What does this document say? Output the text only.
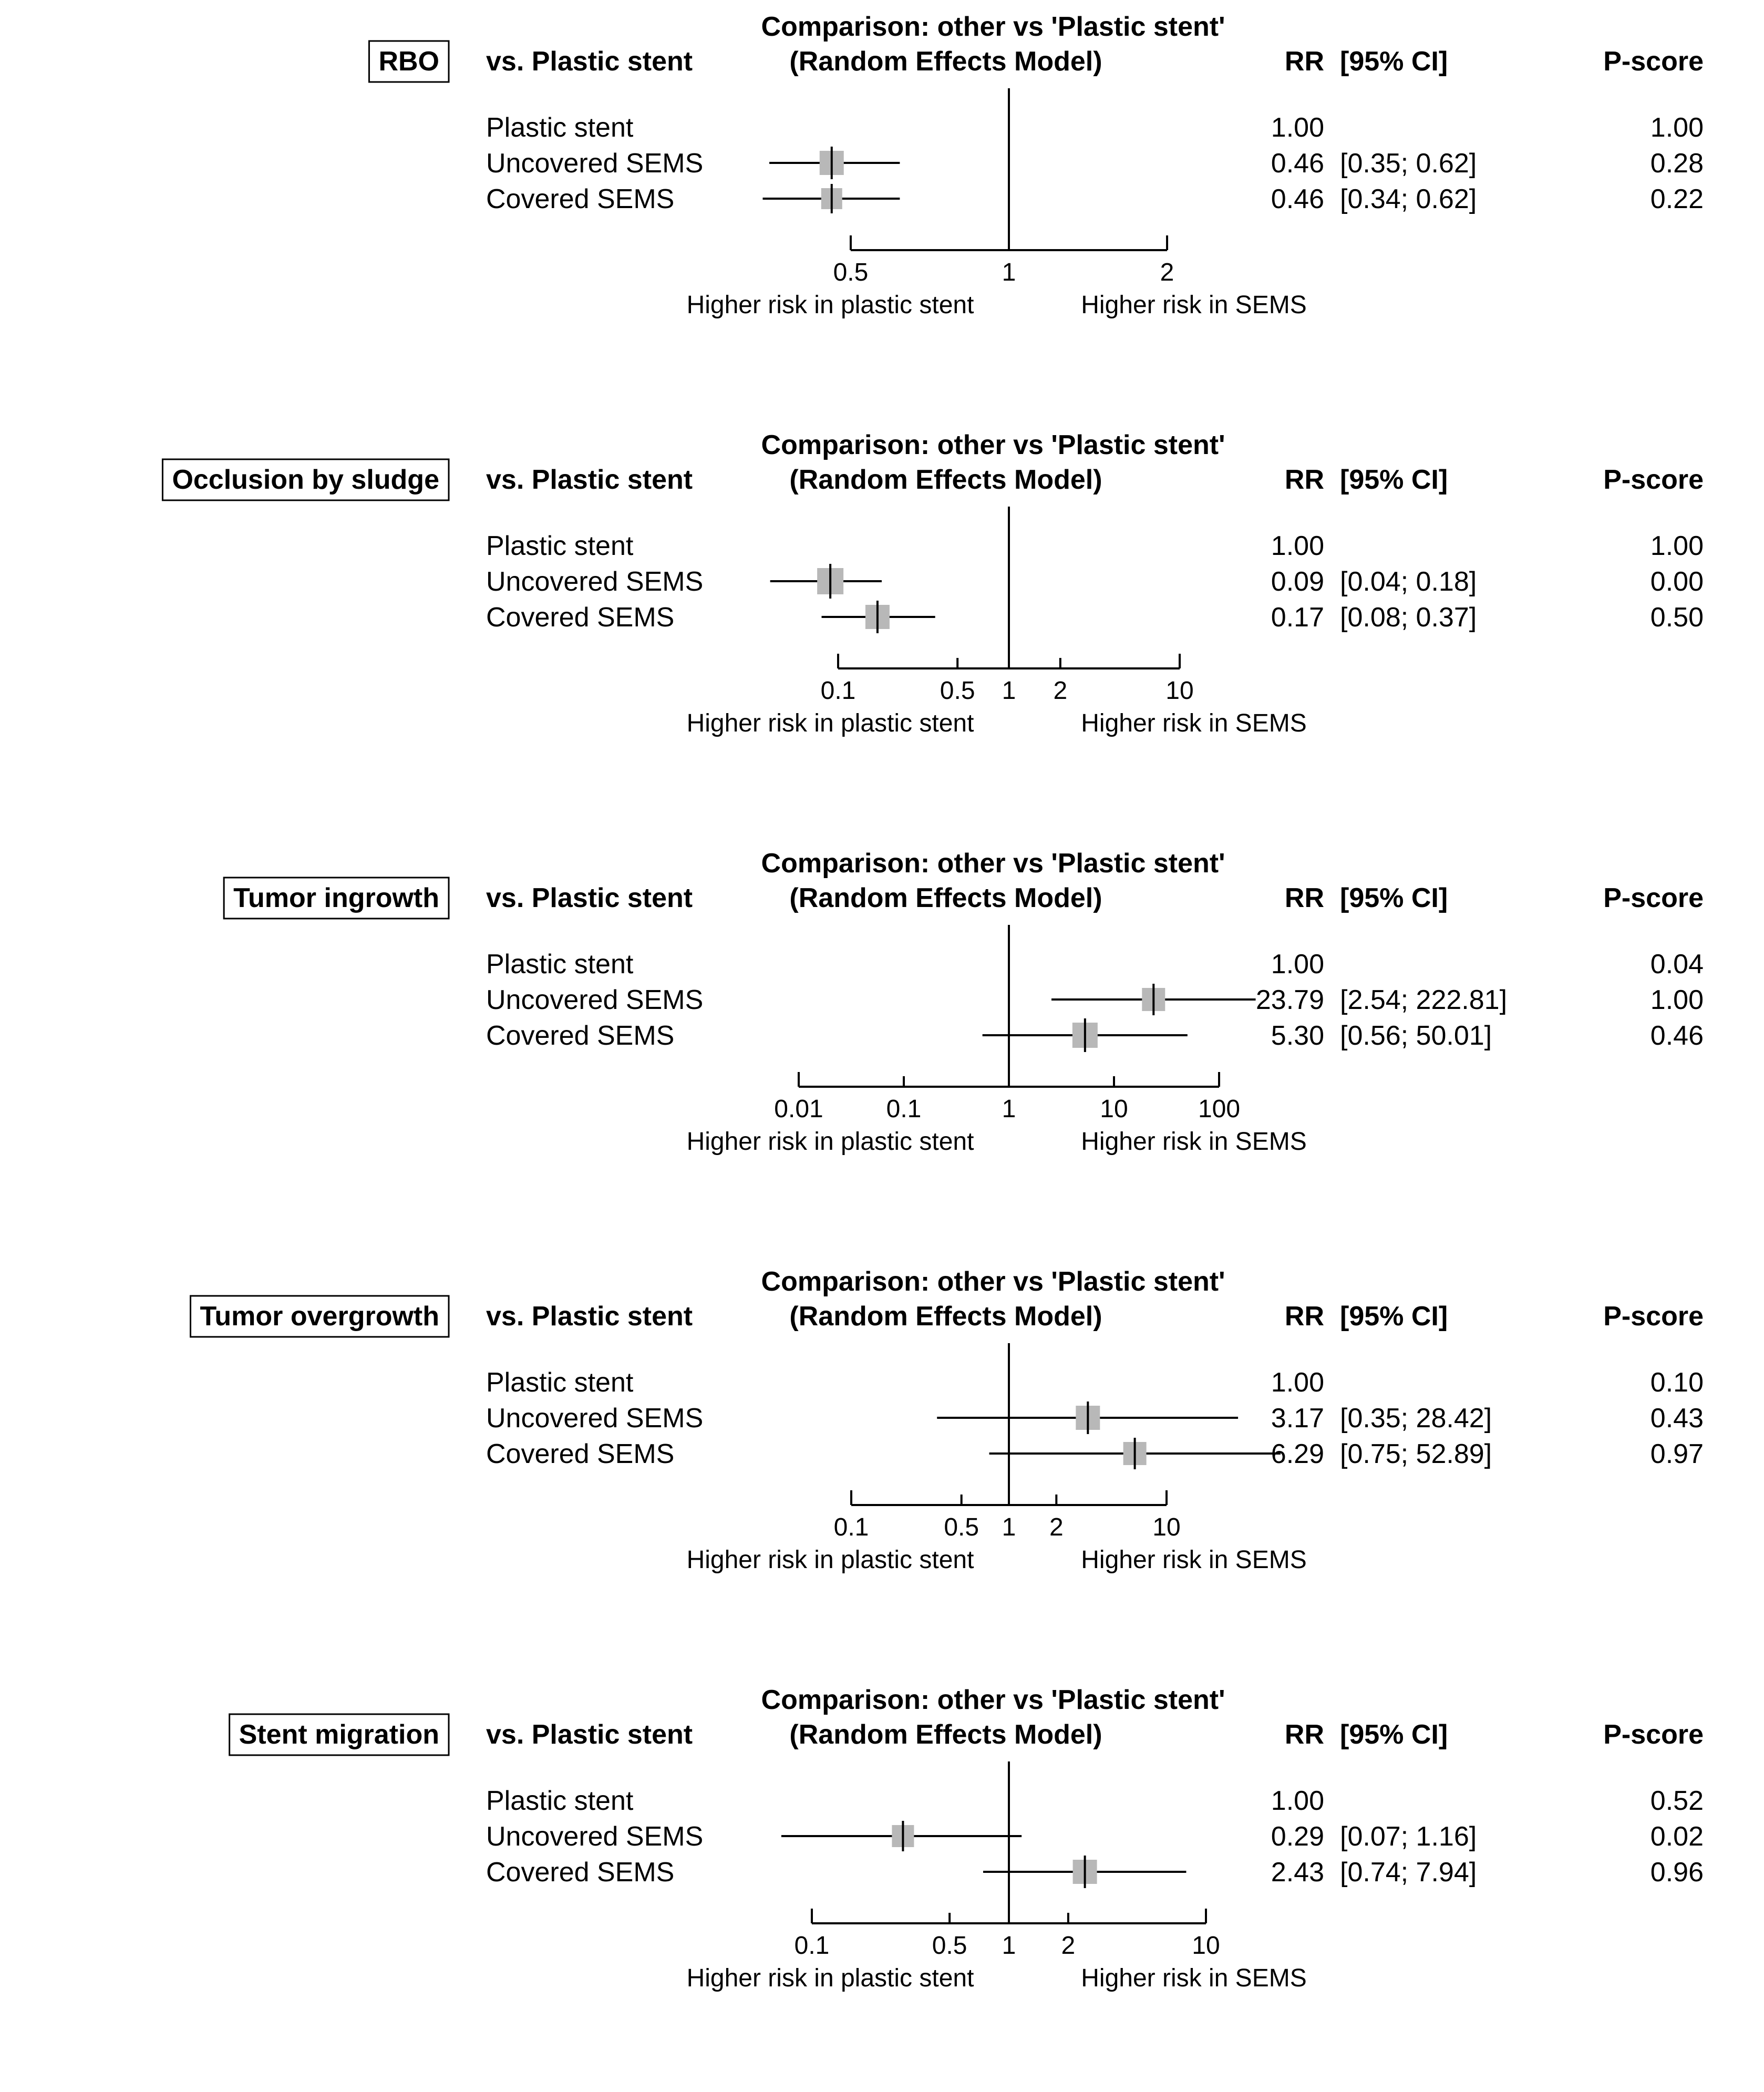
Comparison: other vs 'Plastic stent'
(Random Effects Model)
vs. Plastic stent	RR [95% CI]	P-score
RBO
Plastic stent	1.00	1.00
Uncovered SEMS	0.46 [0.35; 0.62]	0.28
Covered SEMS	0.46 [0.34; 0.62]	0.22
0.5	1	2
Higher risk in plastic stent	Higher risk in SEMS
Comparison: other vs 'Plastic stent'
(Random Effects Model)
vs. Plastic stent	RR [95% CI]	P-score
Occlusion by sludge
Plastic stent	1.00	1.00
Uncovered SEMS	0.09 [0.04; 0.18]	0.00
Covered SEMS	0.17 [0.08; 0.37]	0.50
0.1	0.5 1 2	10
Higher risk in plastic stent	Higher risk in SEMS
Comparison: other vs 'Plastic stent'
(Random Effects Model)
vs. Plastic stent	RR [95% CI]	P-score
Tumor ingrowth
Plastic stent	1.00	0.04
Uncovered SEMS	23.79 [2.54; 222.81]	1.00
Covered SEMS	5.30 [0.56; 50.01]	0.46
0.01 0.1	1	10	100
Higher risk in plastic stent	Higher risk in SEMS
Comparison: other vs 'Plastic stent'
(Random Effects Model)
vs. Plastic stent	RR [95% CI]	P-score
Tumor overgrowth
Plastic stent	1.00	0.10
Uncovered SEMS	3.17 [0.35; 28.42]	0.43
Covered SEMS	6.29 [0.75; 52.89]	0.97
0.1	0.5 1 2	10
Higher risk in plastic stent	Higher risk in SEMS
Comparison: other vs 'Plastic stent'
(Random Effects Model)
vs. Plastic stent	RR [95% CI]	P-score
Stent migration
Plastic stent	1.00	0.52
Uncovered SEMS	0.29 [0.07; 1.16]	0.02
Covered SEMS	2.43 [0.74; 7.94]	0.96
0.1	0.5 1 2	10
Higher risk in plastic stent	Higher risk in SEMS
